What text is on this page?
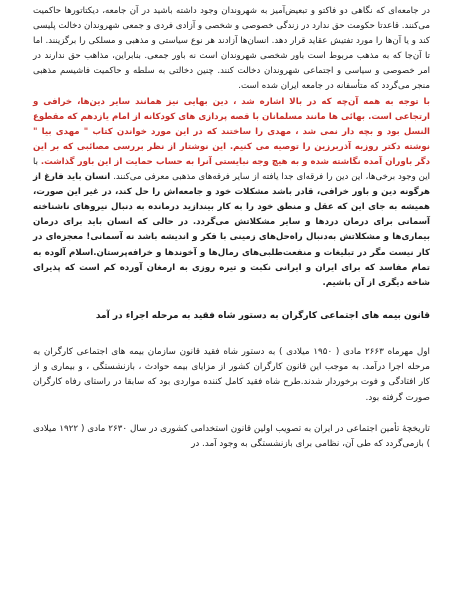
در جامعه‌ای که نگاهی دو فاکتو و تبعیض‌آمیز به شهروندان وجود داشته باشید در آن جامعه، دیکتاتورها حاکمیت می‌کنند. قاعدتا حکومت حق ندارد در زندگی خصوصی و شخصی و آزادی فردی و جمعی شهروندان دخالت پلیسی کند و یا آن‌ها را مورد تفتیش عقاید قرار دهد. انسان‌ها آزادند هر نوع سیاستی و مذهبی و مسلکی را برگزینند. اما تا آن‌جا که به مذهب مربوط است باور شخصی شهروندان است نه باور جمعی. بنابراین، مذاهب حق ندارند در امر خصوصی و سیاسی و اجتماعی شهروندان دخالت کنند. چنین دخالتی به سلطه و حاکمیت فاشیسم مذهبی منجر می‌گردد که متأسفانه در جامعه ایران شده است.

با توجه به همه آن‌چه که در بالا اشاره شد ، دین بهایی نیز همانند سایر دین‌ها، خرافی و ارتجاعی است. بهائی ها مانند مسلمانان با قصه پردازی های کودکانه از امام یازدهم که مقطوع النسل بود و بچه دار نمی شد ، مهدی را ساختند که در این مورد خواندن کتاب " مهدی بیا " نوشته دکتر روزبه آذربرزین را توصیه می کنیم. این نوشتار از نظر بررسی مصائبی که بر این دگر باوران آمده نگاشته شده و به هیچ وجه نبایستی آنرا به حساب حمایت از این باور گذاشت. با این وجود برخی‌ها، این دین را فرقه‌ای جدا یافته از سایر فرقه‌های مذهبی معرفی می‌کنند. انسان باید فارغ از هرگونه دین و باور خرافی، قادر باشد مشکلات خود و جامعه‌اش را حل کند، در غیر این صورت، همیشه به جای این که عقل و منطق خود را به کار بیندازید درمانده به دنبال نیروهای ناشناخته آسمانی برای درمان دردها و سایر مشکلاتش می‌گردد. در حالی که انسان باید برای درمان بیماری‌ها و مشکلاتش به‌دنبال راه‌حل‌های زمینی با فکر و اندیشه باشد نه آسمانی! معجزه‌ای در کار نیست مگر در تبلیغات و منفعت‌طلبی‌های رمال‌ها و آخوندها و خرافه‌پرستان.اسلام آلوده به تمام مفاسد که برای ایران و ایرانی نکبت و تیره روزی به ارمغان آورده کم است که پذیرای شاخه دیگری از آن باشیم.

قانون بیمه های اجتماعی کارگران به دستور شاه فقید به مرحله اجراء در آمد

اول مهرماه ۲۶۶۳ مادی ( ۱۹۵۰ میلادی ) به دستور شاه فقید قانون سازمان بیمه های اجتماعی کارگران به مرحله اجرا درآمد. به موجب این قانون کارگران کشور از مزایای بیمه حوادث ، بازنشستگی ، و بیماری و از کار افتادگی و فوت برخوردار شدند.طرح شاه فقید کامل کننده مواردی بود که سابقا در راستای رفاه کارگران صورت گرفته بود.

تاریخچهٔ تأمین اجتماعی در ایران به تصویب اولین قانون استخدامی کشوری در سال ۲۶۳۰ مادی ( ۱۹۲۲ میلادی ) بازمی‌گردد که طی آن، نظامی برای بازنشستگی به وجود آمد. در
